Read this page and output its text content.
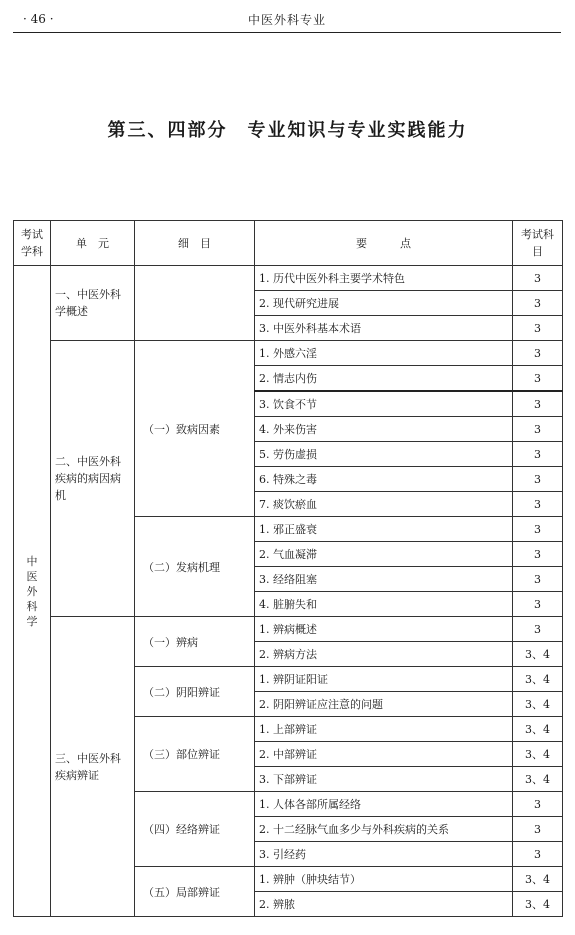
· 46 ·	中医外科专业
第三、四部分　专业知识与专业实践能力
考试学科	单　元	细　目	要　　　点	考试科目
中医外科学	一、中医外科学概述		1. 历代中医外科主要学术特色	3
			2. 现代研究进展	3
			3. 中医外科基本术语	3
	二、中医外科疾病的病因病机	（一）致病因素	1. 外感六淫	3
			2. 情志内伤	3
			3. 饮食不节	3
			4. 外来伤害	3
			5. 劳伤虚损	3
			6. 特殊之毒	3
			7. 痰饮瘀血	3
		（二）发病机理	1. 邪正盛衰	3
			2. 气血凝滞	3
			3. 经络阻塞	3
			4. 脏腑失和	3
	三、中医外科疾病辨证	（一）辨病	1. 辨病概述	3
			2. 辨病方法	3、4
		（二）阴阳辨证	1. 辨阴证阳证	3、4
			2. 阴阳辨证应注意的问题	3、4
		（三）部位辨证	1. 上部辨证	3、4
			2. 中部辨证	3、4
			3. 下部辨证	3、4
		（四）经络辨证	1. 人体各部所属经络	3
			2. 十二经脉气血多少与外科疾病的关系	3
			3. 引经药	3
		（五）局部辨证	1. 辨肿（肿块结节）	3、4
			2. 辨脓	3、4
